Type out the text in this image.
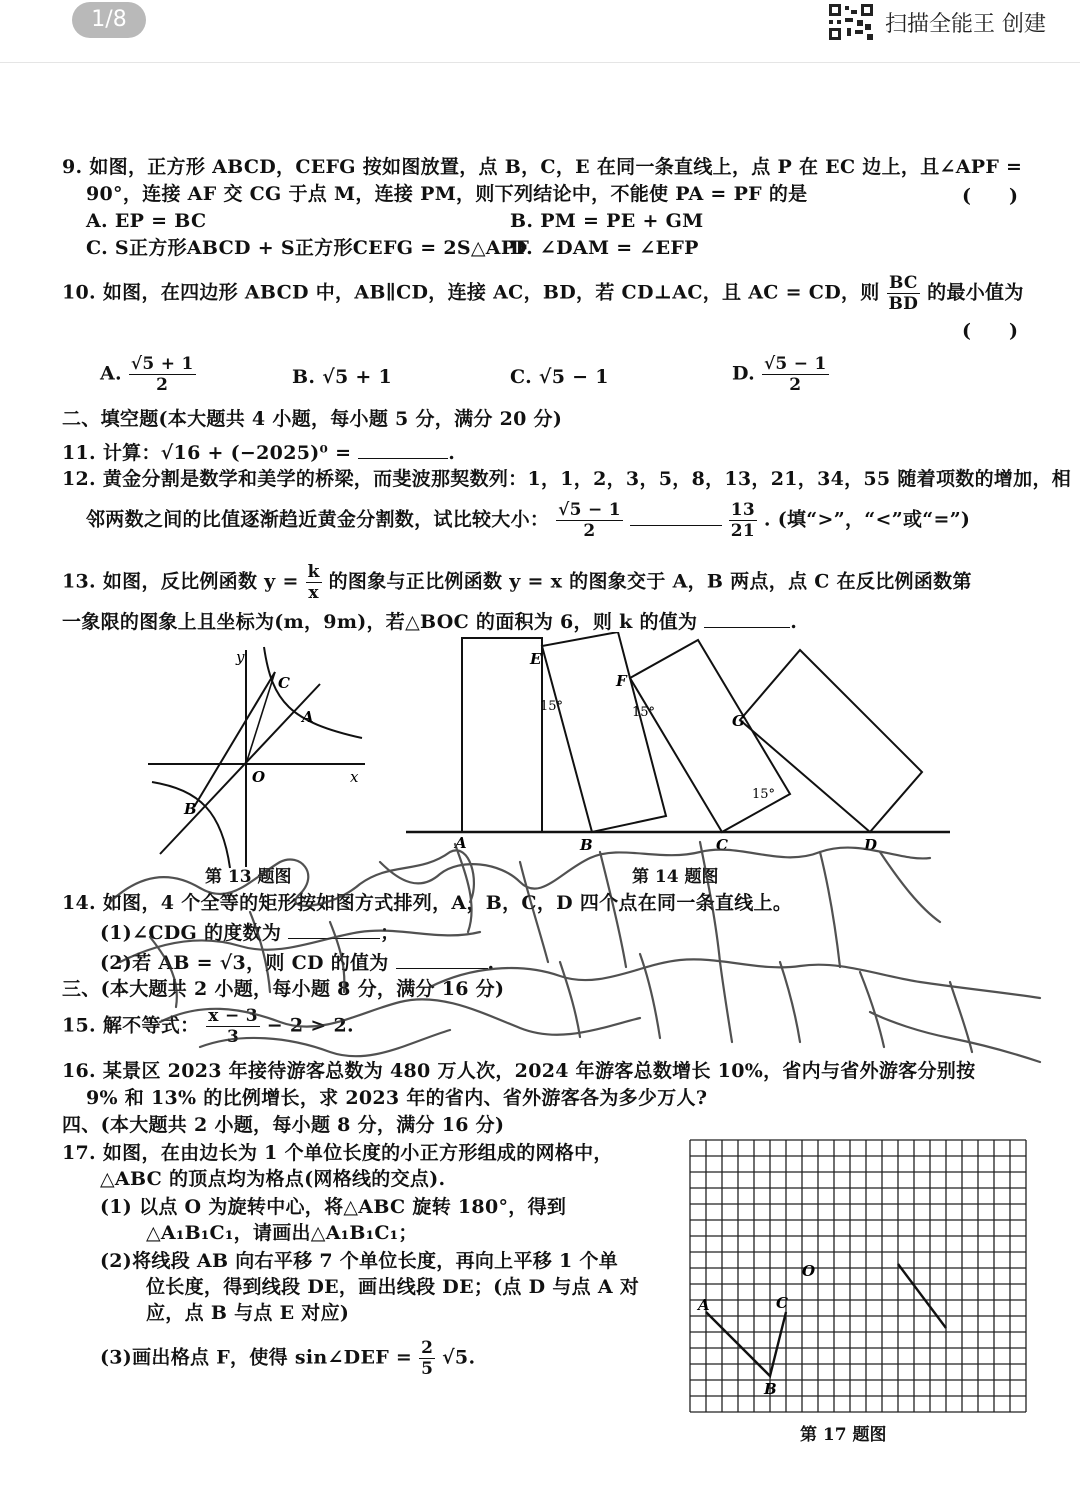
1/8	扫描全能王 创建
9. 如图，正方形 ABCD，CEFG 按如图放置，点 B，C，E 在同一条直线上，点 P 在 EC 边上，且∠APF =
90°，连接 AF 交 CG 于点 M，连接 PM，则下列结论中，不能使 PA = PF 的是	(　　)
A. EP = BC	B. PM = PE + GM
C. S正方形ABCD + S正方形CEFG = 2S△APF
D. ∠DAM = ∠EFP
10. 如图，在四边形 ABCD 中，AB∥CD，连接 AC，BD，若 CD⊥AC，且 AC = CD，则 $\frac{BC}{BD}$ 的最小值为
(　　)
A. $\frac{√5 + 1}{2}$	B. √5 + 1	C. √5 − 1	D. $\frac{√5 - 1}{2}$
二、填空题(本大题共 4 小题，每小题 5 分，满分 20 分)
11. 计算：√16 + (−2025)⁰ =	.
12. 黄金分割是数学和美学的桥梁，而斐波那契数列：1，1，2，3，5，8，13，21，34，55 随着项数的增加，相
邻两数之间的比值逐渐趋近黄金分割数，试比较大小： $\frac{√5 - 1}{2}$
	$\frac{13}{21}$ . (填“>”，“<”或“=”)
13. 如图，反比例函数 $y = \frac{k}{x}$ 的图象与正比例函数 y = x 的图象交于 A，B 两点，点 C 在反比例函数第
一象限的图象上且坐标为(m，9m)，若△BOC 的面积为 6，则 k 的值为	.
y
x
O
A
B
C
第 13 题图
A	B	C	D
E
F
G
15°	15°
15°
第 14 题图
14. 如图，4 个全等的矩形按如图方式排列，A，B，C，D 四个点在同一条直线上。
(1)∠CDG 的度数为	；
(2)若 AB = √3，则 CD 的值为	.
三、(本大题共 2 小题，每小题 8 分，满分 16 分)
15. 解不等式： $\frac{x - 3}{3} - 2 > 2$.
16. 某景区 2023 年接待游客总数为 480 万人次，2024 年游客总数增长 10%，省内与省外游客分别按
9% 和 13% 的比例增长，求 2023 年的省内、省外游客各为多少万人?
四、(本大题共 2 小题，每小题 8 分，满分 16 分)
17. 如图，在由边长为 1 个单位长度的小正方形组成的网格中，
△ABC 的顶点均为格点(网格线的交点).
(1) 以点 O 为旋转中心，将△ABC 旋转 180°，得到
△A₁B₁C₁，请画出△A₁B₁C₁；
(2)将线段 AB 向右平移 7 个单位长度，再向上平移 1 个单
位长度，得到线段 DE，画出线段 DE；(点 D 与点 A 对
应，点 B 与点 E 对应)
(3)画出格点 F，使得 sin∠DEF = $\frac{2}{5} √5$.
A
B
C
O
第 17 题图
